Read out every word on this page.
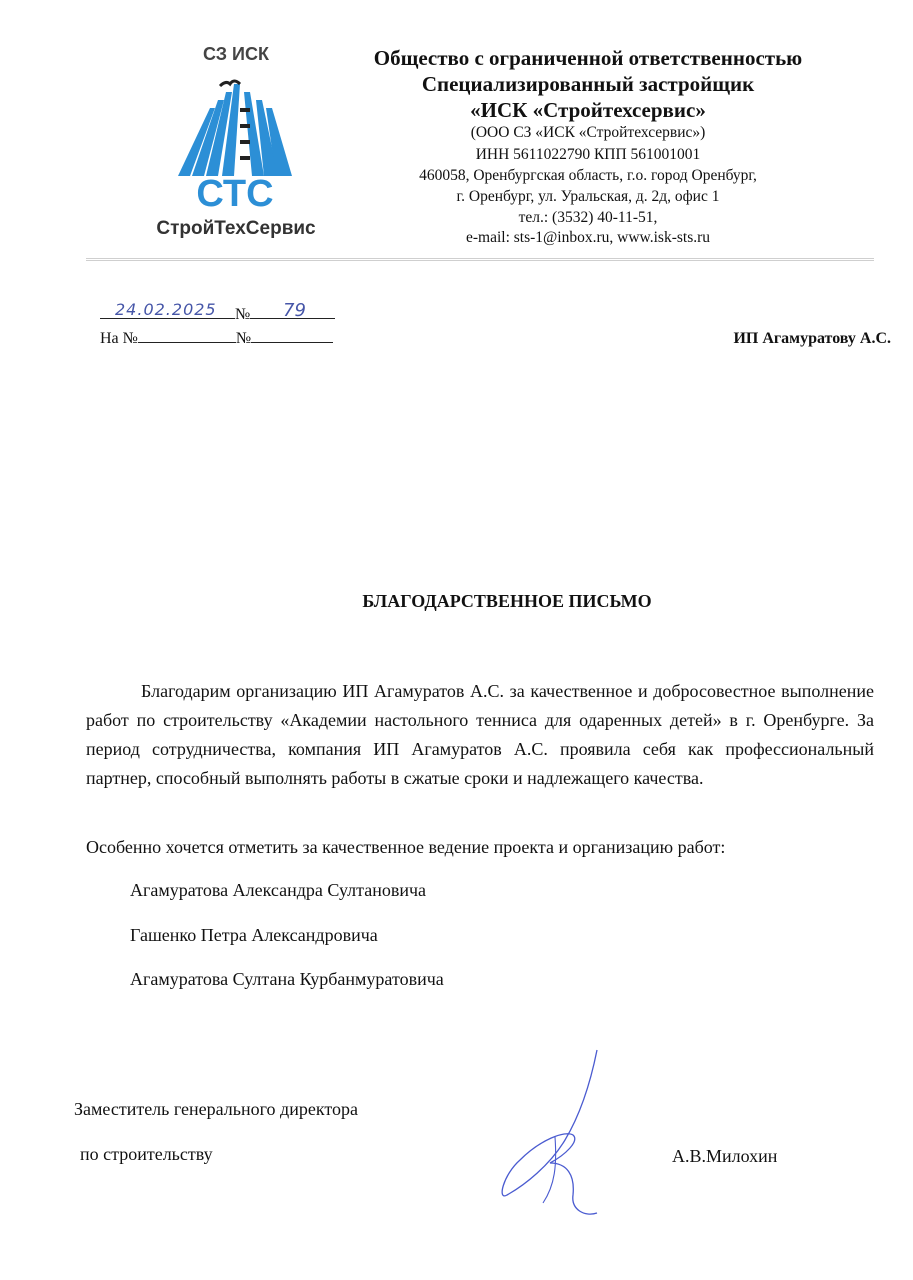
СЗ ИСК
СТС
СтройТехСервис
Общество с ограниченной ответственностью
Специализированный застройщик
«ИСК «Стройтехсервис»
(ООО СЗ «ИСК «Стройтехсервис»)
ИНН 5611022790 КПП 561001001
460058, Оренбургская область, г.о. город Оренбург,
г. Оренбург, ул. Уральская, д. 2д, офис 1
тел.: (3532) 40-11-51,
e-mail: sts-1@inbox.ru, www.isk-sts.ru
24.02.2025	79
№
На №	№	ИП Агамуратову А.С.
БЛАГОДАРСТВЕННОЕ ПИСЬМО
Благодарим организацию ИП Агамуратов А.С. за качественное и добросовестное выполнение работ по строительству «Академии настольного тенниса для одаренных детей» в г. Оренбурге. За период сотрудничества, компания ИП Агамуратов А.С. проявила себя как профессиональный партнер, способный выполнять работы в сжатые сроки и надлежащего качества.
Особенно хочется отметить за качественное ведение проекта и организацию работ:
Агамуратова Александра Султановича
Гашенко Петра Александровича
Агамуратова Султана Курбанмуратовича
Заместитель генерального директора
по строительству	А.В.Милохин
